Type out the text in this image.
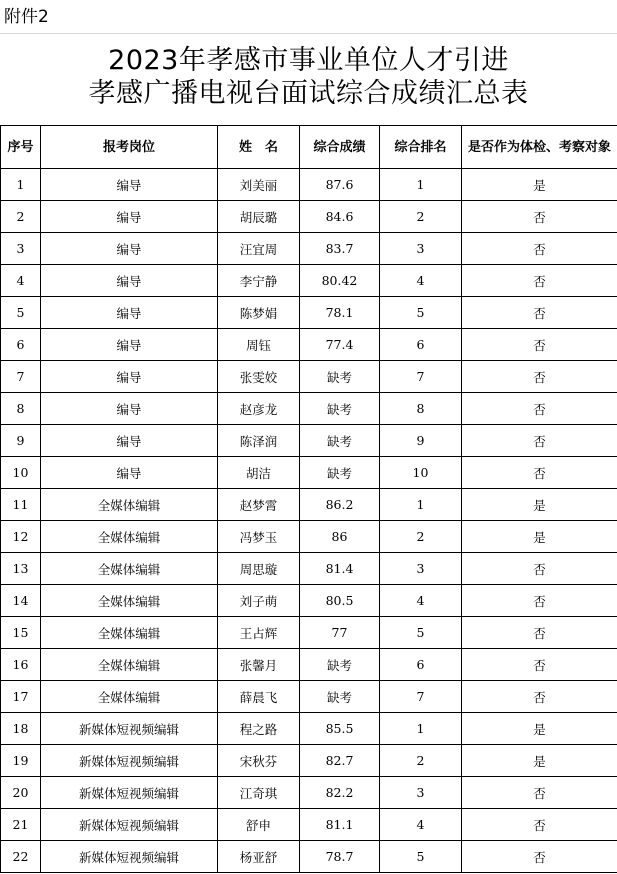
附件2
2023年孝感市事业单位人才引进
孝感广播电视台面试综合成绩汇总表
序号	报考岗位	姓　名	综合成绩	综合排名	是否作为体检、考察对象
1	编导	刘美丽	87.6	1	是
2	编导	胡辰璐	84.6	2	否
3	编导	汪宜周	83.7	3	否
4	编导	李宁静	80.42	4	否
5	编导	陈梦娟	78.1	5	否
6	编导	周钰	77.4	6	否
7	编导	张雯姣	缺考	7	否
8	编导	赵彦龙	缺考	8	否
9	编导	陈泽润	缺考	9	否
10	编导	胡洁	缺考	10	否
11	全媒体编辑	赵梦霄	86.2	1	是
12	全媒体编辑	冯梦玉	86	2	是
13	全媒体编辑	周思璇	81.4	3	否
14	全媒体编辑	刘子萌	80.5	4	否
15	全媒体编辑	王占辉	77	5	否
16	全媒体编辑	张馨月	缺考	6	否
17	全媒体编辑	薛晨飞	缺考	7	否
18	新媒体短视频编辑	程之路	85.5	1	是
19	新媒体短视频编辑	宋秋芬	82.7	2	是
20	新媒体短视频编辑	江奇琪	82.2	3	否
21	新媒体短视频编辑	舒申	81.1	4	否
22	新媒体短视频编辑	杨亚舒	78.7	5	否
